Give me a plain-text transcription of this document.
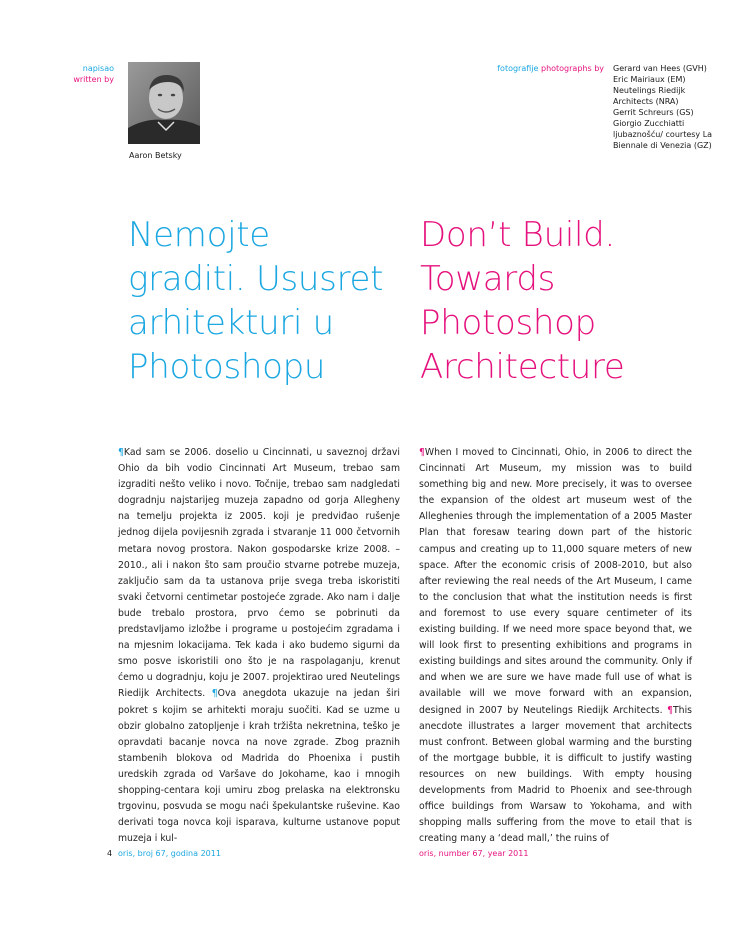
napisao
written by
Aaron Betsky
fotografije photographs by Gerard van Hees (GVH)
Eric Mairiaux (EM)
Neutelings Riedijk
Architects (NRA)
Gerrit Schreurs (GS)
Giorgio Zucchiatti
ljubaznošću/ courtesy La
Biennale di Venezia (GZ)
Nemojte
graditi. Ususret
arhitekturi u
Photoshopu
Don’t Build.
Towards
Photoshop
Architecture

¶Kad sam se 2006. doselio u Cincinnati, u saveznoj državi Ohio da bih vodio Cincinnati Art Museum, trebao sam izgraditi nešto veliko i novo. Točnije, trebao sam nadgledati dogradnju najstarijeg muzeja zapadno od gorja Allegheny na temelju projekta iz 2005. koji je predviđao rušenje jednog dijela povijesnih zgrada i stvaranje 11 000 četvornih metara novog prostora. Nakon gospodarske krize 2008. – 2010., ali i nakon što sam proučio stvarne potrebe muzeja, zaključio sam da ta ustanova prije svega treba iskoristiti svaki četvorni centimetar postojeće zgrade. Ako nam i dalje bude trebalo prostora, prvo ćemo se pobrinuti da predstavljamo izložbe i programe u postojećim zgradama i na mjesnim lokacijama. Tek kada i ako budemo sigurni da smo posve iskoristili ono što je na raspolaganju, krenut ćemo u dogradnju, koju je 2007. projektirao ured Neutelings Riedijk Architects. ¶Ova anegdota ukazuje na jedan širi pokret s kojim se arhitekti moraju suočiti. Kad se uzme u obzir globalno zatopljenje i krah tržišta nekretnina, teško je opravdati bacanje novca na nove zgrade. Zbog praznih stambenih blokova od Madrida do Phoenixa i pustih uredskih zgrada od Varšave do Jokohame, kao i mnogih shopping-centara koji umiru zbog prelaska na elektronsku trgovinu, posvuda se mogu naći špekulantske ruševine. Kao derivati toga novca koji isparava, kulturne ustanove poput muzeja i kul-

¶When I moved to Cincinnati, Ohio, in 2006 to direct the Cincinnati Art Museum, my mission was to build something big and new. More precisely, it was to oversee the expansion of the oldest art museum west of the Alleghenies through the implementation of a 2005 Master Plan that foresaw tearing down part of the historic campus and creating up to 11,000 square meters of new space. After the economic crisis of 2008-2010, but also after reviewing the real needs of the Art Museum, I came to the conclusion that what the institution needs is first and foremost to use every square centimeter of its existing building. If we need more space beyond that, we will look first to presenting exhibitions and programs in existing buildings and sites around the community. Only if and when we are sure we have made full use of what is available will we move forward with an expansion, designed in 2007 by Neutelings Riedijk Architects. ¶This anecdote illustrates a larger movement that architects must confront. Between global warming and the bursting of the mortgage bubble, it is difficult to justify wasting resources on new buildings. With empty housing developments from Madrid to Phoenix and see-through office buildings from Warsaw to Yokohama, and with shopping malls suffering from the move to etail that is creating many a ‘dead mall,’ the ruins of

4 oris, broj 67, godina 2011	oris, number 67, year 2011
